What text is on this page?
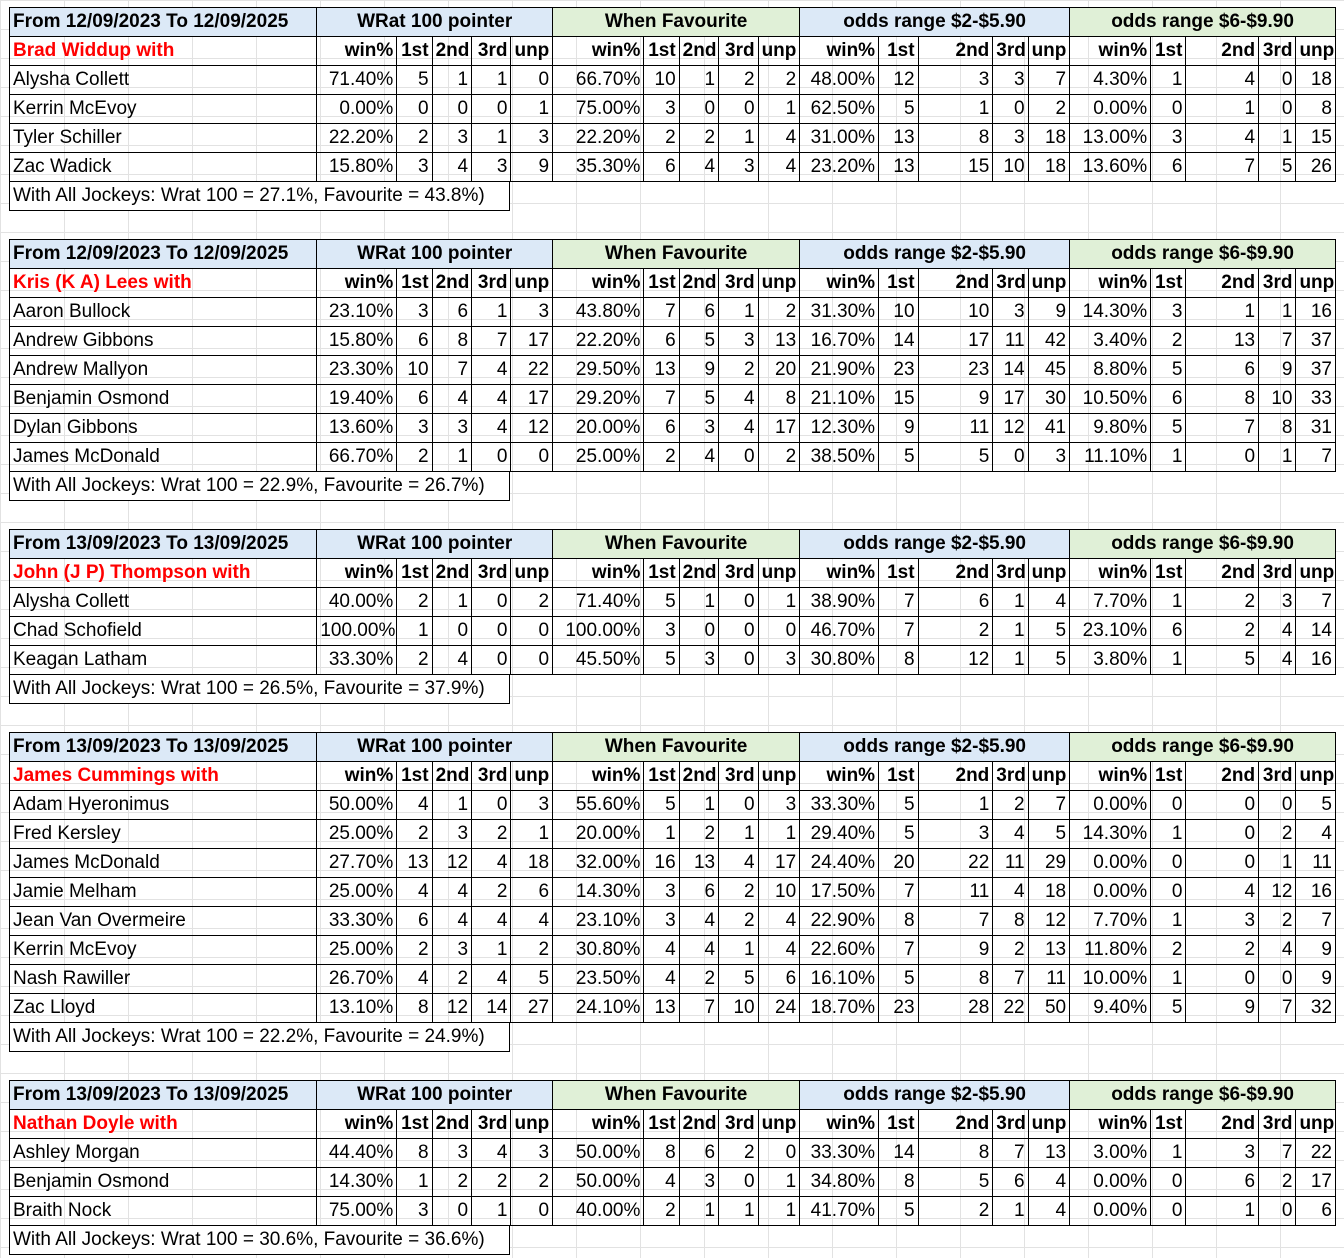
From 12/09/2023 To 12/09/2025	WRat 100 pointer					When Favourite					odds range $2-$5.90					odds range $6-$9.90				
Brad Widdup with	win%	1st	2nd	3rd	unp	win%	1st	2nd	3rd	unp	win%	1st	2nd	3rd	unp	win%	1st	2nd	3rd	unp
Alysha Collett	71.40%	5	1	1	0	66.70%	10	1	2	2	48.00%	12	3	3	7	4.30%	1	4	0	18
Kerrin McEvoy	0.00%	0	0	0	1	75.00%	3	0	0	1	62.50%	5	1	0	2	0.00%	0	1	0	8
Tyler Schiller	22.20%	2	3	1	3	22.20%	2	2	1	4	31.00%	13	8	3	18	13.00%	3	4	1	15
Zac Wadick	15.80%	3	4	3	9	35.30%	6	4	3	4	23.20%	13	15	10	18	13.60%	6	7	5	26
With All Jockeys: Wrat 100 = 27.1%, Favourite = 43.8%)
From 12/09/2023 To 12/09/2025	WRat 100 pointer					When Favourite					odds range $2-$5.90					odds range $6-$9.90				
Kris (K A) Lees with	win%	1st	2nd	3rd	unp	win%	1st	2nd	3rd	unp	win%	1st	2nd	3rd	unp	win%	1st	2nd	3rd	unp
Aaron Bullock	23.10%	3	6	1	3	43.80%	7	6	1	2	31.30%	10	10	3	9	14.30%	3	1	1	16
Andrew Gibbons	15.80%	6	8	7	17	22.20%	6	5	3	13	16.70%	14	17	11	42	3.40%	2	13	7	37
Andrew Mallyon	23.30%	10	7	4	22	29.50%	13	9	2	20	21.90%	23	23	14	45	8.80%	5	6	9	37
Benjamin Osmond	19.40%	6	4	4	17	29.20%	7	5	4	8	21.10%	15	9	17	30	10.50%	6	8	10	33
Dylan Gibbons	13.60%	3	3	4	12	20.00%	6	3	4	17	12.30%	9	11	12	41	9.80%	5	7	8	31
James McDonald	66.70%	2	1	0	0	25.00%	2	4	0	2	38.50%	5	5	0	3	11.10%	1	0	1	7
With All Jockeys: Wrat 100 = 22.9%, Favourite = 26.7%)
From 13/09/2023 To 13/09/2025	WRat 100 pointer					When Favourite					odds range $2-$5.90					odds range $6-$9.90				
John (J P) Thompson with	win%	1st	2nd	3rd	unp	win%	1st	2nd	3rd	unp	win%	1st	2nd	3rd	unp	win%	1st	2nd	3rd	unp
Alysha Collett	40.00%	2	1	0	2	71.40%	5	1	0	1	38.90%	7	6	1	4	7.70%	1	2	3	7
Chad Schofield	100.00%	1	0	0	0	100.00%	3	0	0	0	46.70%	7	2	1	5	23.10%	6	2	4	14
Keagan Latham	33.30%	2	4	0	0	45.50%	5	3	0	3	30.80%	8	12	1	5	3.80%	1	5	4	16
With All Jockeys: Wrat 100 = 26.5%, Favourite = 37.9%)
From 13/09/2023 To 13/09/2025	WRat 100 pointer					When Favourite					odds range $2-$5.90					odds range $6-$9.90				
James Cummings with	win%	1st	2nd	3rd	unp	win%	1st	2nd	3rd	unp	win%	1st	2nd	3rd	unp	win%	1st	2nd	3rd	unp
Adam Hyeronimus	50.00%	4	1	0	3	55.60%	5	1	0	3	33.30%	5	1	2	7	0.00%	0	0	0	5
Fred Kersley	25.00%	2	3	2	1	20.00%	1	2	1	1	29.40%	5	3	4	5	14.30%	1	0	2	4
James McDonald	27.70%	13	12	4	18	32.00%	16	13	4	17	24.40%	20	22	11	29	0.00%	0	0	1	11
Jamie Melham	25.00%	4	4	2	6	14.30%	3	6	2	10	17.50%	7	11	4	18	0.00%	0	4	12	16
Jean Van Overmeire	33.30%	6	4	4	4	23.10%	3	4	2	4	22.90%	8	7	8	12	7.70%	1	3	2	7
Kerrin McEvoy	25.00%	2	3	1	2	30.80%	4	4	1	4	22.60%	7	9	2	13	11.80%	2	2	4	9
Nash Rawiller	26.70%	4	2	4	5	23.50%	4	2	5	6	16.10%	5	8	7	11	10.00%	1	0	0	9
Zac Lloyd	13.10%	8	12	14	27	24.10%	13	7	10	24	18.70%	23	28	22	50	9.40%	5	9	7	32
With All Jockeys: Wrat 100 = 22.2%, Favourite = 24.9%)
From 13/09/2023 To 13/09/2025	WRat 100 pointer					When Favourite					odds range $2-$5.90					odds range $6-$9.90				
Nathan Doyle with	win%	1st	2nd	3rd	unp	win%	1st	2nd	3rd	unp	win%	1st	2nd	3rd	unp	win%	1st	2nd	3rd	unp
Ashley Morgan	44.40%	8	3	4	3	50.00%	8	6	2	0	33.30%	14	8	7	13	3.00%	1	3	7	22
Benjamin Osmond	14.30%	1	2	2	2	50.00%	4	3	0	1	34.80%	8	5	6	4	0.00%	0	6	2	17
Braith Nock	75.00%	3	0	1	0	40.00%	2	1	1	1	41.70%	5	2	1	4	0.00%	0	1	0	6
With All Jockeys: Wrat 100 = 30.6%, Favourite = 36.6%)
